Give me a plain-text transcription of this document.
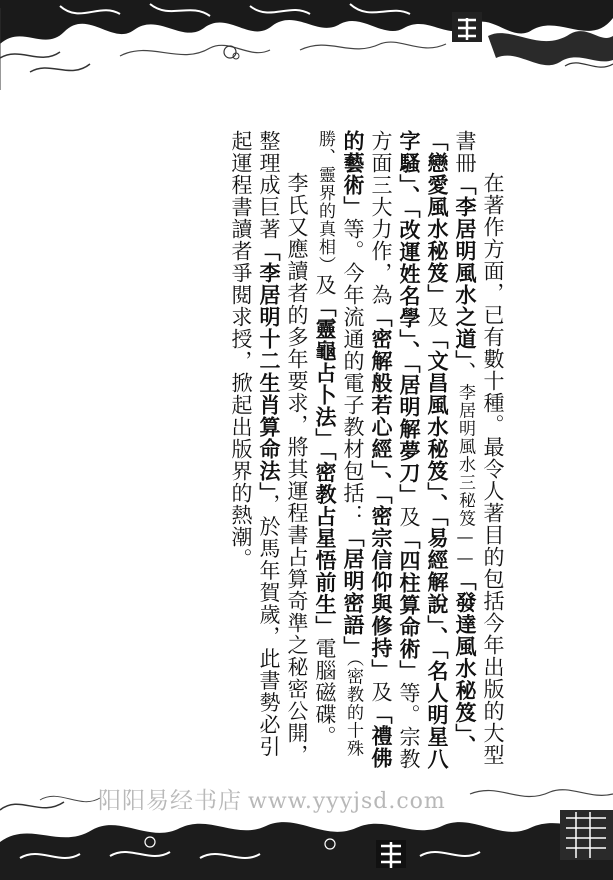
在著作方面，已有數十種。最令人著目的包括今年出版的大型書冊「李居明風水之道」、李居明風水三秘笈——「發達風水秘笈」、「戀愛風水秘笈」及「文昌風水秘笈」、「易經解說」、「名人明星八字騷」、「改運姓名學」、「居明解夢刀」及「四柱算命術」等。宗教方面三大力作，為「密解般若心經」、「密宗信仰與修持」及「禮佛的藝術」等。今年流通的電子教材包括：「居明密語」（密教的十殊勝、靈界的真相）及「靈龜占卜法」「密教占星悟前生」電腦磁碟。

李氏又應讀者的多年要求，將其運程書占算奇準之秘密公開，整理成巨著「李居明十二生肖算命法」，於馬年賀歲，此書勢必引起運程書讀者爭閱求授，掀起出版界的熱潮。

阳阳易经书店 www.yyyjsd.com
